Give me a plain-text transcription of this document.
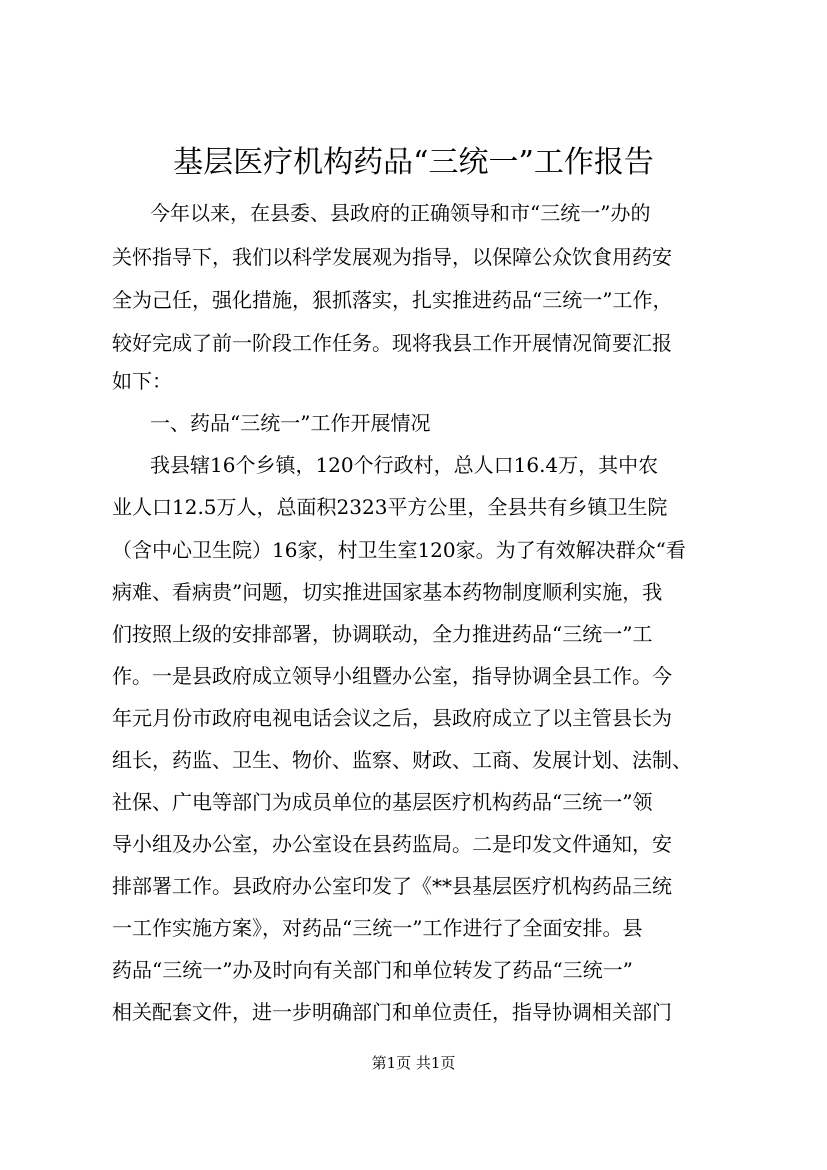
基层医疗机构药品“三统一”工作报告
今年以来，在县委、县政府的正确领导和市“三统一”办的
关怀指导下，我们以科学发展观为指导，以保障公众饮食用药安
全为己任，强化措施，狠抓落实，扎实推进药品“三统一”工作，
较好完成了前一阶段工作任务。现将我县工作开展情况简要汇报
如下：
一、药品“三统一”工作开展情况
我县辖16个乡镇，120个行政村，总人口16.4万，其中农
业人口12.5万人，总面积2323平方公里，全县共有乡镇卫生院
（含中心卫生院）16家，村卫生室120家。为了有效解决群众“看
病难、看病贵”问题，切实推进国家基本药物制度顺利实施，我
们按照上级的安排部署，协调联动，全力推进药品“三统一”工
作。一是县政府成立领导小组暨办公室，指导协调全县工作。今
年元月份市政府电视电话会议之后，县政府成立了以主管县长为
组长，药监、卫生、物价、监察、财政、工商、发展计划、法制、
社保、广电等部门为成员单位的基层医疗机构药品“三统一”领
导小组及办公室，办公室设在县药监局。二是印发文件通知，安
排部署工作。县政府办公室印发了《**县基层医疗机构药品三统
一工作实施方案》，对药品“三统一”工作进行了全面安排。县
药品“三统一”办及时向有关部门和单位转发了药品“三统一”
相关配套文件，进一步明确部门和单位责任，指导协调相关部门
第1页 共1页
